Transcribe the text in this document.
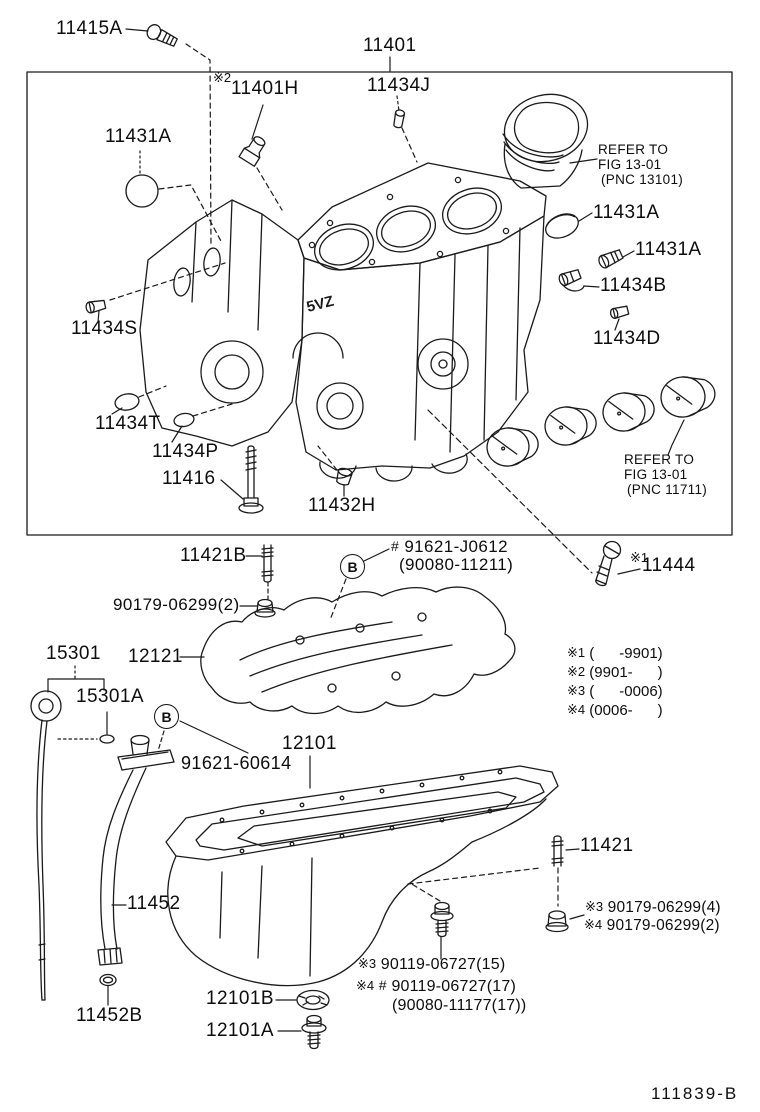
5VZ
11415A
11401
※2
11401H
11431A
11434J
REFER TO
FIG 13-01
(PNC 13101)
11431A
11431A
11434B
11434D
11434S
11434T
11434P
11416
11432H
REFER TO
FIG 13-01
(PNC 11711)
11421B
B
# 91621-J0612
(90080-11211)	※1
11444
90179-06299(2)
12121
15301
15301A
B
91621-60614
12101
11421
※3 90179-06299(4)
※4 90179-06299(2)
11452
※3 90119-06727(15)
※4 # 90119-06727(17)
(90080-11177(17))
12101B
12101A
11452B
※1 (      -9901)
※2 (9901-      )
※3 (      -0006)
※4 (0006-      )
111839-B
